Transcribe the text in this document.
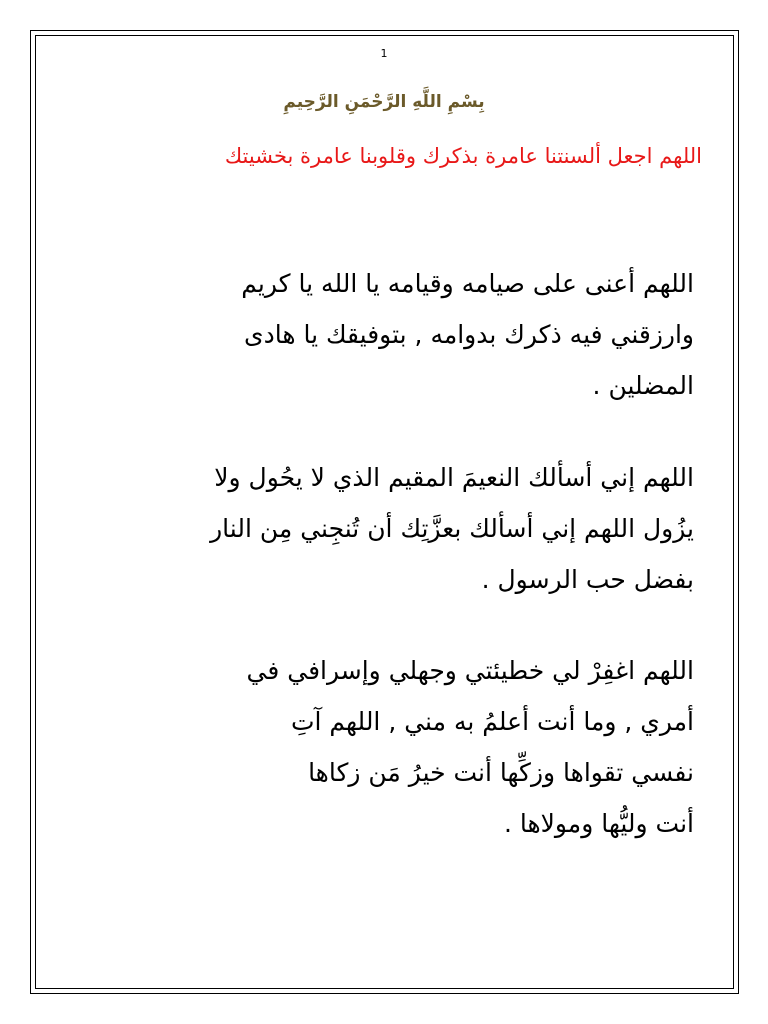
1
بِسْمِ اللَّهِ الرَّحْمَنِ الرَّحِيمِ
اللهم اجعل ألسنتنا عامرة بذكرك وقلوبنا عامرة بخشيتك
اللهم أعنى على صيامه وقيامه يا الله يا كريم
وارزقني فيه ذكرك بدوامه , بتوفيقك يا هادى
المضلين .
اللهم إني أسألك النعيمَ المقيم الذي لا يحُول ولا
يزُول اللهم إني أسألك بعزَّتِك أن تُنجِني مِن النار
بفضل حب الرسول .
اللهم اغفِرْ لي خطيئتي وجهلي وإسرافي في
أمري , وما أنت أعلمُ به مني , اللهم آتِ
نفسي تقواها وزكِّها أنت خيرُ مَن زكاها
أنت وليُّها ومولاها .
